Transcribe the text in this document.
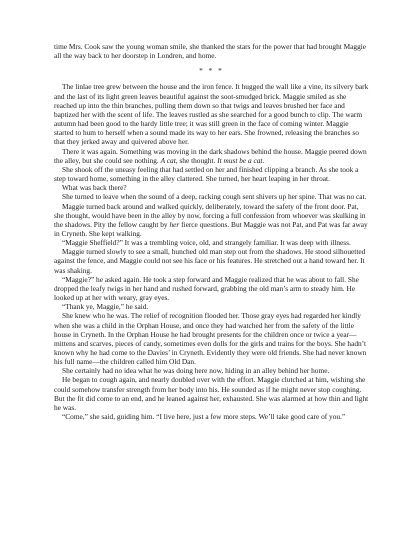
time Mrs. Cook saw the young woman smile, she thanked the stars for the power that had brought Maggie all the way back to her doorstep in Londren, and home.

* * *

The linlae tree grew between the house and the iron fence. It hugged the wall like a vine, its silvery bark and the last of its light green leaves beautiful against the soot-smudged brick. Maggie smiled as she reached up into the thin branches, pulling them down so that twigs and leaves brushed her face and baptized her with the scent of life. The leaves rustled as she searched for a good bunch to clip. The warm autumn had been good to the hardy little tree; it was still green in the face of coming winter. Maggie started to hum to herself when a sound made its way to her ears. She frowned, releasing the branches so that they jerked away and quivered above her.

There it was again. Something was moving in the dark shadows behind the house. Maggie peered down the alley, but she could see nothing. A cat, she thought. It must be a cat.

She shook off the uneasy feeling that had settled on her and finished clipping a branch. As she took a step toward home, something in the alley clattered. She turned, her heart leaping in her throat.

What was back there?

She turned to leave when the sound of a deep, racking cough sent shivers up her spine. That was no cat.

Maggie turned back around and walked quickly, deliberately, toward the safety of the front door. Pat, she thought, would have been in the alley by now, forcing a full confession from whoever was skulking in the shadows. Pity the fellow caught by her fierce questions. But Maggie was not Pat, and Pat was far away in Cryneth. She kept walking.

“Maggie Sheffield?” It was a trembling voice, old, and strangely familiar. It was deep with illness.

Maggie turned slowly to see a small, hunched old man step out from the shadows. He stood silhouetted against the fence, and Maggie could not see his face or his features. He stretched out a hand toward her. It was shaking.

“Maggie?” he asked again. He took a step forward and Maggie realized that he was about to fall. She dropped the leafy twigs in her hand and rushed forward, grabbing the old man’s arm to steady him. He looked up at her with weary, gray eyes.

“Thank ye, Maggie,” he said.

She knew who he was. The relief of recognition flooded her. Those gray eyes had regarded her kindly when she was a child in the Orphan House, and once they had watched her from the safety of the little house in Cryneth. In the Orphan House he had brought presents for the children once or twice a year—mittens and scarves, pieces of candy, sometimes even dolls for the girls and trains for the boys. She hadn’t known why he had come to the Davies’ in Cryneth. Evidently they were old friends. She had never known his full name—the children called him Old Dan.

She certainly had no idea what he was doing here now, hiding in an alley behind her home.

He began to cough again, and nearly doubled over with the effort. Maggie clutched at him, wishing she could somehow transfer strength from her body into his. He sounded as if he might never stop coughing. But the fit did come to an end, and he leaned against her, exhausted. She was alarmed at how thin and light he was.

“Come,” she said, guiding him. “I live here, just a few more steps. We’ll take good care of you.”
